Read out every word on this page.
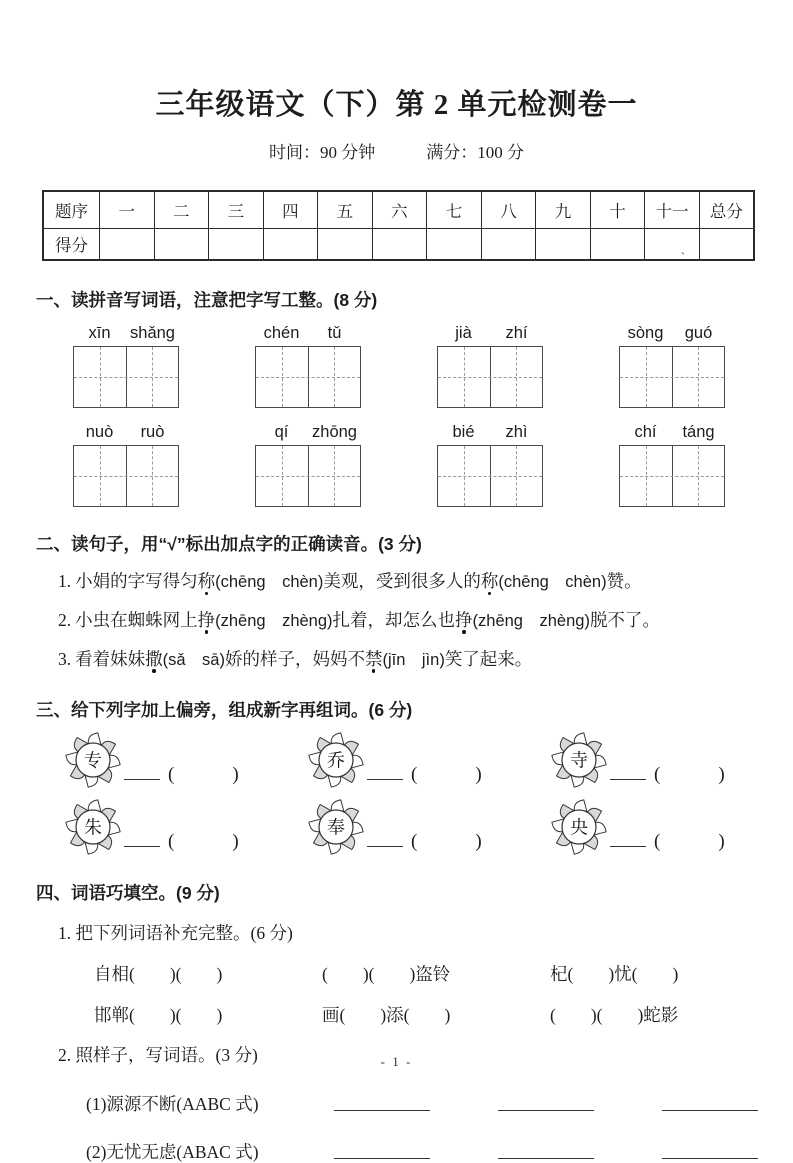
三年级语文（下）第 2 单元检测卷一
时间：90 分钟　　　满分：100 分
题序	一	二	三	四	五	六	七	八	九	十	十一	总分
得分											、	

一、读拼音写词语，注意把字写工整。(8 分)
xīn	shǎng	chén	tǔ	jià	zhí	sòng	guó
nuò	ruò	qí	zhōng	bié	zhì	chí	táng
二、读句子，用“√”标出加点字的正确读音。(3 分)
1. 小娟的字写得匀称(chēng　chèn)美观，受到很多人的称(chēng　chèn)赞。
2. 小虫在蜘蛛网上挣(zhēng　zhèng)扎着，却怎么也挣(zhēng　zhèng)脱不了。
3. 看着妹妹撒(sǎ　sā)娇的样子，妈妈不禁(jīn　jìn)笑了起来。
三、给下列字加上偏旁，组成新字再组词。(6 分)
专
(	)
乔
(	)
寺
(	)
朱
(	)
奉
(	)
央
(	)
四、词语巧填空。(9 分)
1. 把下列词语补充完整。(6 分)
自相(　　)(　　)	(　　)(　　)盗铃	杞(　　)忧(　　)
邯郸(　　)(　　)	画(　　)添(　　)	(　　)(　　)蛇影
2. 照样子，写词语。(3 分)
(1)源源不断(AABC 式)
(2)无忧无虑(ABAC 式)
- 1 -
